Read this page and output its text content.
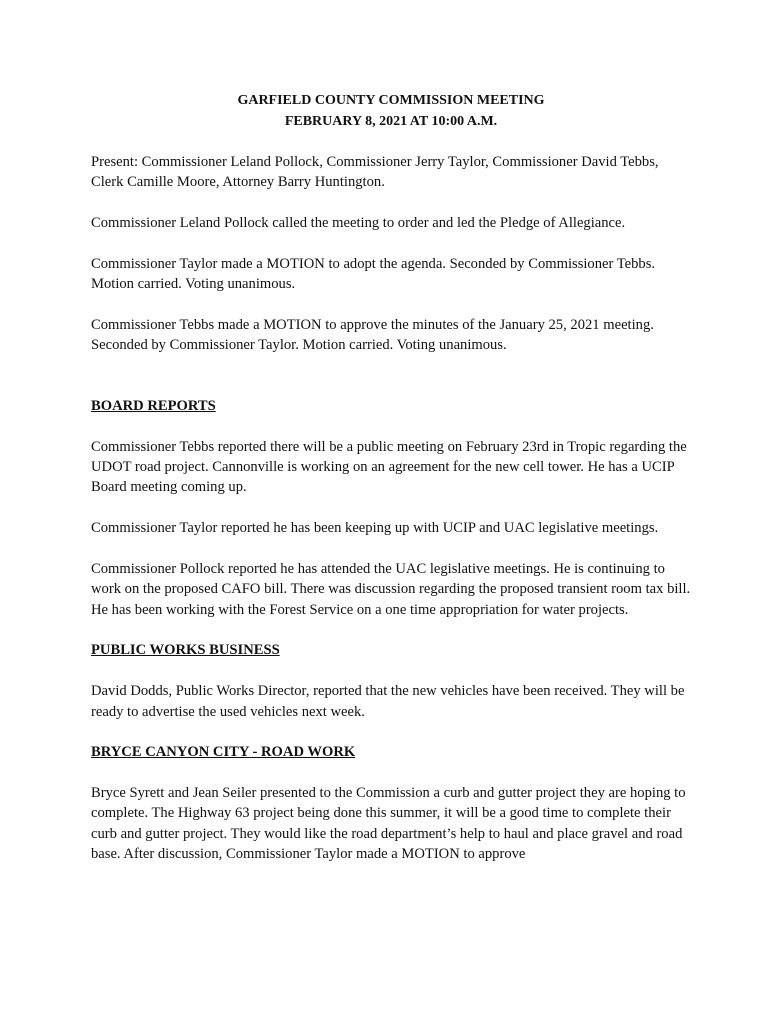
GARFIELD COUNTY COMMISSION MEETING
FEBRUARY 8, 2021 AT 10:00 A.M.

Present: Commissioner Leland Pollock, Commissioner Jerry Taylor, Commissioner David Tebbs, Clerk Camille Moore, Attorney Barry Huntington.

Commissioner Leland Pollock called the meeting to order and led the Pledge of Allegiance.

Commissioner Taylor made a MOTION to adopt the agenda. Seconded by Commissioner Tebbs. Motion carried. Voting unanimous.

Commissioner Tebbs made a MOTION to approve the minutes of the January 25, 2021 meeting. Seconded by Commissioner Taylor. Motion carried. Voting unanimous.

BOARD REPORTS

Commissioner Tebbs reported there will be a public meeting on February 23rd in Tropic regarding the UDOT road project. Cannonville is working on an agreement for the new cell tower. He has a UCIP Board meeting coming up.

Commissioner Taylor reported he has been keeping up with UCIP and UAC legislative meetings.

Commissioner Pollock reported he has attended the UAC legislative meetings. He is continuing to work on the proposed CAFO bill. There was discussion regarding the proposed transient room tax bill. He has been working with the Forest Service on a one time appropriation for water projects.

PUBLIC WORKS BUSINESS

David Dodds, Public Works Director, reported that the new vehicles have been received. They will be ready to advertise the used vehicles next week.

BRYCE CANYON CITY - ROAD WORK

Bryce Syrett and Jean Seiler presented to the Commission a curb and gutter project they are hoping to complete. The Highway 63 project being done this summer, it will be a good time to complete their curb and gutter project. They would like the road department’s help to haul and place gravel and road base. After discussion, Commissioner Taylor made a MOTION to approve
